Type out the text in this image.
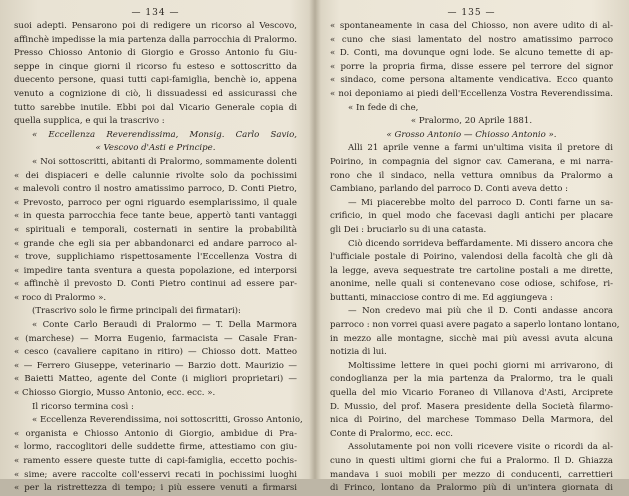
— 134 —
suoi adepti. Pensarono poi di redigere un ricorso al Vescovo,
affinchè impedisse la mia partenza dalla parrocchia di Pralormo.
Presso Chiosso Antonio di Giorgio e Grosso Antonio fu Giu-
seppe in cinque giorni il ricorso fu esteso e sottoscritto da
duecento persone, quasi tutti capi-famiglia, benchè io, appena
venuto a cognizione di ciò, li dissuadessi ed assicurassi che
tutto sarebbe inutile. Ebbi poi dal Vicario Generale copia di
quella supplica, e qui la trascrivo :
« Eccellenza Reverendissima, Monsig. Carlo Savio,
« Vescovo d'Asti e Principe.
« Noi sottoscritti, abitanti di Pralormo, sommamente dolenti
« dei dispiaceri e delle calunnie rivolte solo da pochissimi
« malevoli contro il nostro amatissimo parroco, D. Conti Pietro,
« Prevosto, parroco per ogni riguardo esemplarissimo, il quale
« in questa parrocchia fece tante beue, appertò tanti vantaggi
« spirituali e temporali, costernati in sentire la probabilità
« grande che egli sia per abbandonarci ed andare parroco al-
« trove, supplichiamo rispettosamente l'Eccellenza Vostra di
« impedire tanta sventura a questa popolazione, ed interporsi
« affinchè il prevosto D. Conti Pietro continui ad essere par-
« roco di Pralormo ».
(Trascrivo solo le firme principali dei firmatari):
« Conte Carlo Beraudi di Pralormo — T. Della Marmora
« (marchese) — Morra Eugenio, farmacista — Casale Fran-
« cesco (cavaliere capitano in ritiro) — Chiosso dott. Matteo
« — Ferrero Giuseppe, veterinario — Barzio dott. Maurizio —
« Baietti Matteo, agente del Conte (i migliori proprietari) —
« Chiosso Giorgio, Musso Antonio, ecc. ecc. ».
Il ricorso termina così :
« Eccellenza Reverendissima, noi sottoscritti, Grosso Antonio,
« organista e Chiosso Antonio di Giorgio, ambidue di Pra-
« lormo, raccoglitori delle suddette firme, attestiamo con giu-
« ramento essere queste tutte di capi-famiglia, eccetto pochis-
« sime; avere raccolte coll'esservi recati in pochissimi luoghi
« per la ristrettezza di tempo; i più essere venuti a firmarsi
— 135 —
« spontaneamente in casa del Chiosso, non avere udito di al-
« cuno che siasi lamentato del nostro amatissimo parroco
« D. Conti, ma dovunque ogni lode. Se alcuno temette di ap-
« porre la propria firma, disse essere pel terrore del signor
« sindaco, come persona altamente vendicativa. Ecco quanto
« noi deponiamo ai piedi dell'Eccellenza Vostra Reverendissima.
« In fede di che,
« Pralormo, 20 Aprile 1881.
« Grosso Antonio — Chiosso Antonio ».
Alli 21 aprile venne a farmi un'ultima visita il pretore di
Poirino, in compagnia del signor cav. Camerana, e mi narra-
rono che il sindaco, nella vettura omnibus da Pralormo a
Cambiano, parlando del parroco D. Conti aveva detto :
— Mi piacerebbe molto del parroco D. Conti farne un sa-
crificio, in quel modo che facevasi dagli antichi per placare
gli Dei : bruciarlo su di una catasta.
Ciò dicendo sorrideva beffardamente. Mi dissero ancora che
l'ufficiale postale di Poirino, valendosi della facoltà che gli dà
la legge, aveva sequestrate tre cartoline postali a me dirette,
anonime, nelle quali si contenevano cose odiose, schifose, ri-
buttanti, minacciose contro di me. Ed aggiungeva :
— Non credevo mai più che il D. Conti andasse ancora
parroco : non vorrei quasi avere pagato a saperlo lontano lontano,
in mezzo alle montagne, sicchè mai più avessi avuta alcuna
notizia di lui.
Moltissime lettere in quei pochi giorni mi arrivarono, di
condoglianza per la mia partenza da Pralormo, tra le quali
quella del mio Vicario Foraneo di Villanova d'Asti, Arciprete
D. Mussio, del prof. Masera presidente della Società filarmo-
nica di Poirino, del marchese Tommaso Della Marmora, del
Conte di Pralormo, ecc. ecc.
Assolutamente poi non volli ricevere visite o ricordi da al-
cuno in questi ultimi giorni che fui a Pralormo. Il D. Ghiazza
mandava i suoi mobili per mezzo di conducenti, carrettieri
di Frinco, lontano da Pralormo più di un'intera giornata di
